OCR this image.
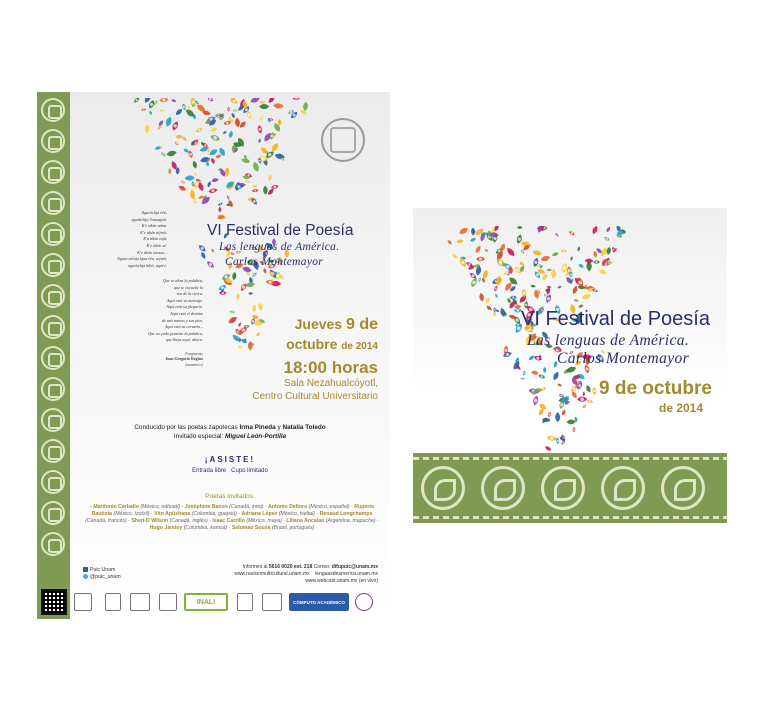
Ngutiichja één,
ngutiichja l'asangaii.
K'e tikón ndaa.
K'e tikón nijmii.
K'a tikón tajá.
K'e tikón sé.
K'e tikón intnaa...
Ngata ná'aju kjua één, nijmii,
ngutiichja kibii, ngot'e.
Que se abra la palabra,
que se escuche la
voz de la tierra.
Aquí está su mensaje.
Aquí está su plegaria.
Aquí está el destino
de mis manos y sus pies.
Aquí está su corazón...
Que no pida permiso la palabra,
que llaya aquí, ahora.
Fragmento
Juan Gregorio Regino
(mazateco)
VI Festival de Poesía
Las lenguas de América.
Carlos Montemayor
Jueves 9 de
octubre de 2014
18:00 horas
Sala Nezahualcóyotl,
Centro Cultural Universitario
Conducido por las poetas zapotecas Irma Pineda y Natalia Toledo
Invitado especial: Miguel León-Portilla
¡ASISTE!
Entrada libre Cupo limitado
Poetas invitados:
· Mardonio Carballo (México, náhuatl) · Joséphine Bacon (Canadá, innu) · Antonio Deltoro (México, español) · Ruperta Bautista (México, tzotzil) · Vito Apüshana (Colombia, guayuú) · Adriana López (México, tseltal) · Renaud Longchamps (Canadá, francés) · Sheri-D Wilson (Canadá, inglés) · Isaac Carrillo (México, maya) · Liliana Ancalao (Argentina, mapuche) · Hugo Jamioy (Colombia, kamsá) · Salomao Sousa (Brasil, portugués)
Puic Unam
@puic_unam
Informes al 5616 0020 ext. 218 Correo: difupuic@unam.mx
www.nacionmulticultural.unam.mx lenguasdeamerica.unam.mx
www.webcast.unam.mx (en vivo)
INALI	CÓMPUTO ACADÉMICO
VI Festival de Poesía
Las lenguas de América.
Carlos Montemayor
9 de octubre
de 2014
